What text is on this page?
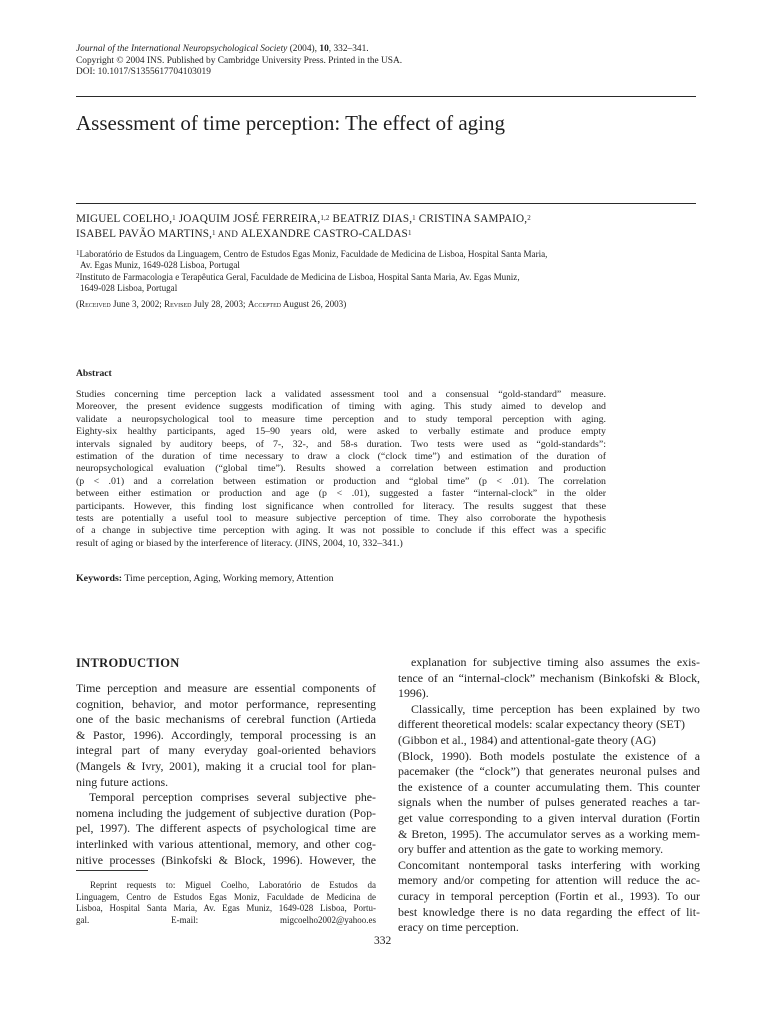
Journal of the International Neuropsychological Society (2004), 10, 332–341.
Copyright © 2004 INS. Published by Cambridge University Press. Printed in the USA.
DOI: 10.1017/S1355617704103019
Assessment of time perception: The effect of aging
MIGUEL COELHO,$^1$ JOAQUIM JOSÉ FERREIRA,$^{1,2}$ BEATRIZ DIAS,$^1$ CRISTINA SAMPAIO,$^2$
ISABEL PAVÃO MARTINS,$^1$ AND ALEXANDRE CASTRO-CALDAS$^1$
$^1$Laboratório de Estudos da Linguagem, Centro de Estudos Egas Moniz, Faculdade de Medicina de Lisboa, Hospital Santa Maria,
Av. Egas Muniz, 1649-028 Lisboa, Portugal
$^2$Instituto de Farmacologia e Terapêutica Geral, Faculdade de Medicina de Lisboa, Hospital Santa Maria, Av. Egas Muniz,
1649-028 Lisboa, Portugal
(Received June 3, 2002; Revised July 28, 2003; Accepted August 26, 2003)
Abstract
Studies concerning time perception lack a validated assessment tool and a consensual “gold-standard” measure.
Moreover, the present evidence suggests modification of timing with aging. This study aimed to develop and
validate a neuropsychological tool to measure time perception and to study temporal perception with aging.
Eighty-six healthy participants, aged 15–90 years old, were asked to verbally estimate and produce empty
intervals signaled by auditory beeps, of 7-, 32-, and 58-s duration. Two tests were used as “gold-standards”:
estimation of the duration of time necessary to draw a clock (“clock time”) and estimation of the duration of
neuropsychological evaluation (“global time”). Results showed a correlation between estimation and production
(p < .01) and a correlation between estimation or production and “global time” (p < .01). The correlation
between either estimation or production and age (p < .01), suggested a faster “internal-clock” in the older
participants. However, this finding lost significance when controlled for literacy. The results suggest that these
tests are potentially a useful tool to measure subjective perception of time. They also corroborate the hypothesis
of a change in subjective time perception with aging. It was not possible to conclude if this effect was a specific
result of aging or biased by the interference of literacy. (JINS, 2004, 10, 332–341.)
Keywords: Time perception, Aging, Working memory, Attention
INTRODUCTION
Time perception and measure are essential components of
cognition, behavior, and motor performance, representing
one of the basic mechanisms of cerebral function (Artieda
& Pastor, 1996). Accordingly, temporal processing is an
integral part of many everyday goal-oriented behaviors
(Mangels & Ivry, 2001), making it a crucial tool for plan-
ning future actions.
Temporal perception comprises several subjective phe-
nomena including the judgement of subjective duration (Pop-
pel, 1997). The different aspects of psychological time are
interlinked with various attentional, memory, and other cog-
nitive processes (Binkofski & Block, 1996). However, the
explanation for subjective timing also assumes the exis-
tence of an “internal-clock” mechanism (Binkofski & Block,
1996).
Classically, time perception has been explained by two
different theoretical models: scalar expectancy theory (SET)
(Gibbon et al., 1984) and attentional-gate theory (AG)
(Block, 1990). Both models postulate the existence of a
pacemaker (the “clock”) that generates neuronal pulses and
the existence of a counter accumulating them. This counter
signals when the number of pulses generated reaches a tar-
get value corresponding to a given interval duration (Fortin
& Breton, 1995). The accumulator serves as a working mem-
ory buffer and attention as the gate to working memory.
Concomitant nontemporal tasks interfering with working
memory and/or competing for attention will reduce the ac-
curacy in temporal perception (Fortin et al., 1993). To our
best knowledge there is no data regarding the effect of lit-
eracy on time perception.
Reprint requests to: Miguel Coelho, Laboratório de Estudos da
Linguagem, Centro de Estudos Egas Moniz, Faculdade de Medicina de
Lisboa, Hospital Santa Maria, Av. Egas Muniz, 1649-028 Lisboa, Portu-
gal. E-mail: migcoelho2002@yahoo.es
332
